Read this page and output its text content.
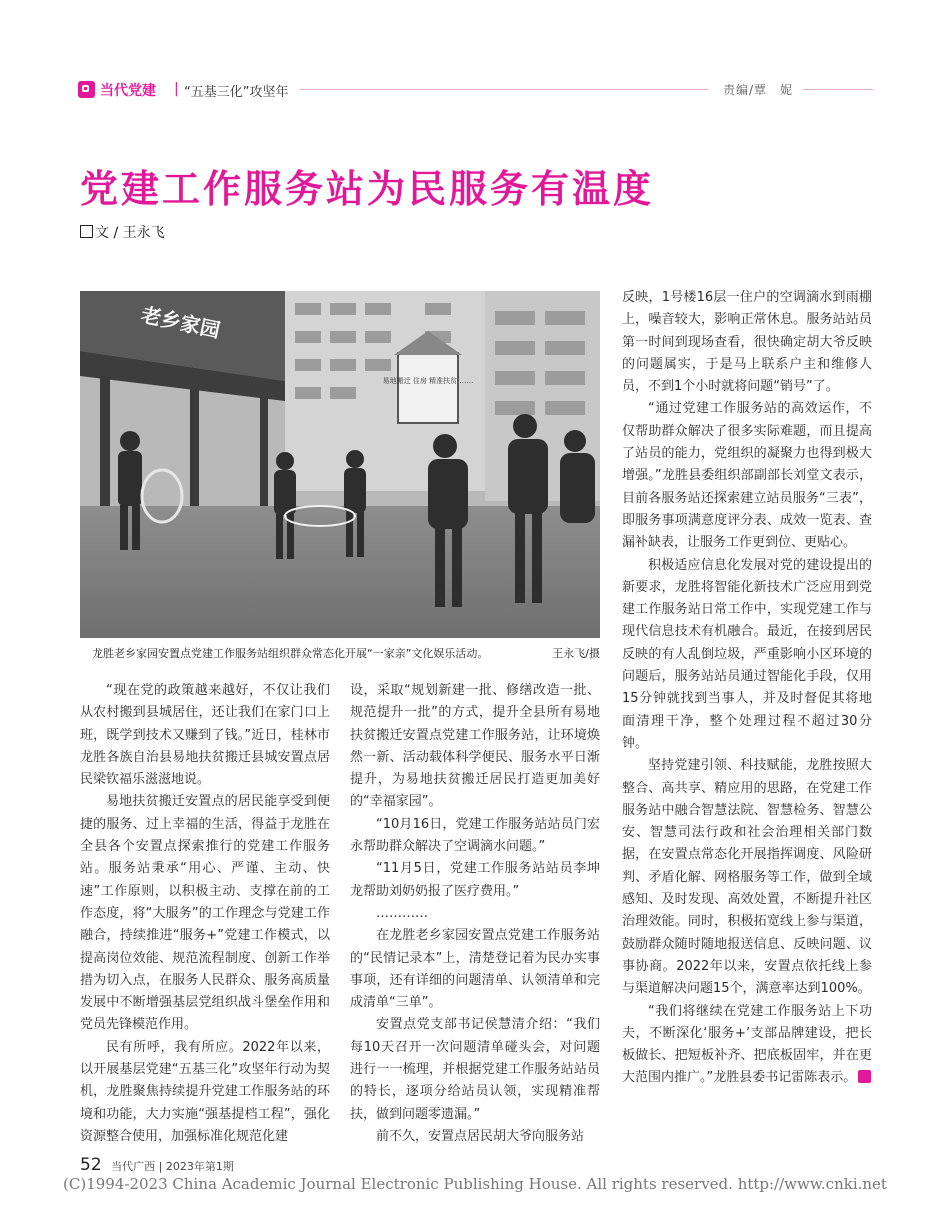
当代党建 | “五基三化”攻坚年	责编/覃　妮
党建工作服务站为民服务有温度
文 / 王永飞
易地搬迁 住房 精准扶贫 ……
老乡家园
龙胜老乡家园安置点党建工作服务站组织群众常态化开展“一家亲”文化娱乐活动。	王永飞/摄

“现在党的政策越来越好，不仅让我们从农村搬到县城居住，还让我们在家门口上班，既学到技术又赚到了钱。”近日，桂林市龙胜各族自治县易地扶贫搬迁县城安置点居民梁钦福乐滋滋地说。

易地扶贫搬迁安置点的居民能享受到便捷的服务、过上幸福的生活，得益于龙胜在全县各个安置点探索推行的党建工作服务站。服务站秉承“用心、严谨、主动、快速”工作原则，以积极主动、支撑在前的工作态度，将“大服务”的工作理念与党建工作融合，持续推进“服务+”党建工作模式，以提高岗位效能、规范流程制度、创新工作举措为切入点，在服务人民群众、服务高质量发展中不断增强基层党组织战斗堡垒作用和党员先锋模范作用。

民有所呼，我有所应。2022年以来，以开展基层党建“五基三化”攻坚年行动为契机，龙胜聚焦持续提升党建工作服务站的环境和功能，大力实施“强基提档工程”，强化资源整合使用，加强标准化规范化建

设，采取“规划新建一批、修缮改造一批、规范提升一批”的方式，提升全县所有易地扶贫搬迁安置点党建工作服务站，让环境焕然一新、活动载体科学便民、服务水平日渐提升，为易地扶贫搬迁居民打造更加美好的“幸福家园”。

“10月16日，党建工作服务站站员门宏永帮助群众解决了空调滴水问题。”

“11月5日，党建工作服务站站员李坤龙帮助刘奶奶报了医疗费用。”

…………

在龙胜老乡家园安置点党建工作服务站的“民情记录本”上，清楚登记着为民办实事事项，还有详细的问题清单、认领清单和完成清单“三单”。

安置点党支部书记侯慧清介绍：“我们每10天召开一次问题清单碰头会，对问题进行一一梳理，并根据党建工作服务站站员的特长，逐项分给站员认领，实现精准帮扶，做到问题零遗漏。”

前不久，安置点居民胡大爷向服务站

反映，1号楼16层一住户的空调滴水到雨棚上，噪音较大，影响正常休息。服务站站员第一时间到现场查看，很快确定胡大爷反映的问题属实，于是马上联系户主和维修人员，不到1个小时就将问题“销号”了。

“通过党建工作服务站的高效运作，不仅帮助群众解决了很多实际难题，而且提高了站员的能力，党组织的凝聚力也得到极大增强。”龙胜县委组织部副部长刘堂文表示，目前各服务站还探索建立站员服务“三表”，即服务事项满意度评分表、成效一览表、查漏补缺表，让服务工作更到位、更贴心。

积极适应信息化发展对党的建设提出的新要求，龙胜将智能化新技术广泛应用到党建工作服务站日常工作中，实现党建工作与现代信息技术有机融合。最近，在接到居民反映的有人乱倒垃圾，严重影响小区环境的问题后，服务站站员通过智能化手段，仅用15分钟就找到当事人，并及时督促其将地面清理干净，整个处理过程不超过30分钟。

坚持党建引领、科技赋能，龙胜按照大整合、高共享、精应用的思路，在党建工作服务站中融合智慧法院、智慧检务、智慧公安、智慧司法行政和社会治理相关部门数据，在安置点常态化开展指挥调度、风险研判、矛盾化解、网格服务等工作，做到全域感知、及时发现、高效处置，不断提升社区治理效能。同时，积极拓宽线上参与渠道，鼓励群众随时随地报送信息、反映问题、议事协商。2022年以来，安置点依托线上参与渠道解决问题15个，满意率达到100%。

“我们将继续在党建工作服务站上下功夫，不断深化‘服务+’支部品牌建设，把长板做长、把短板补齐、把底板固牢，并在更大范围内推广。”龙胜县委书记雷陈表示。

52 当代广西 | 2023年第1期
(C)1994-2023 China Academic Journal Electronic Publishing House. All rights reserved. http://www.cnki.net
